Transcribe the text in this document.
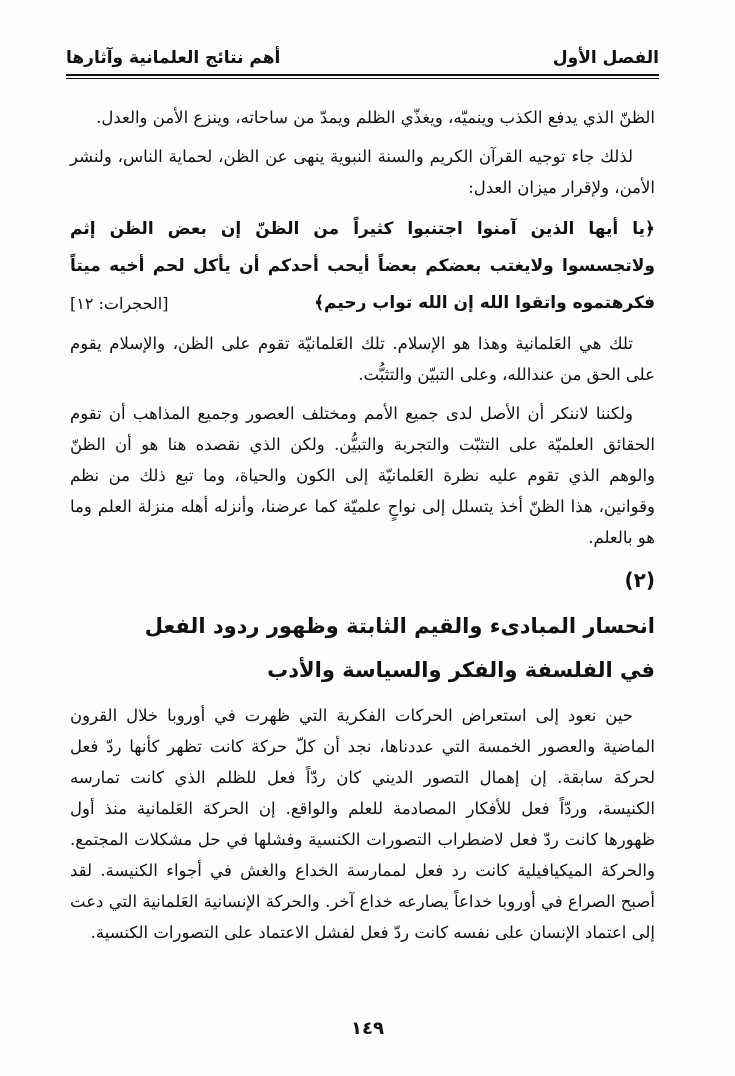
الفصل الأول
أهم نتائج العلمانية وآثارها

الظنّ الذي يدفع الكذب وينميّه، ويغذّي الظلم ويمدّ من ساحاته، وينزع الأمن والعدل.

لذلك جاء توجيه القرآن الكريم والسنة النبوية ينهى عن الظن، لحماية الناس، ولنشر الأمن، ولإقرار ميزان العدل:

﴿يا أيها الذين آمنوا اجتنبوا كثيراً من الظنّ إن بعض الظن إثم ولاتجسسوا ولايغتب بعضكم بعضاً أيحب أحدكم أن يأكل لحم أخيه ميتاً
فكرهتموه واتقوا الله إن الله تواب رحيم﴾
[الحجرات: ١٢]

تلك هي العَلمانية وهذا هو الإسلام. تلك العَلمانيّة تقوم على الظن، والإسلام يقوم على الحق من عندالله، وعلى التبيّن والتثبُّت.

ولكننا لاننكر أن الأصل لدى جميع الأمم ومختلف العصور وجميع المذاهب أن تقوم الحقائق العلميّة على التثبّت والتجربة والتبيُّن. ولكن الذي نقصده هنا هو أن الظنّ والوهم الذي تقوم عليه نظرة العَلمانيّة إلى الكون والحياة، وما تبع ذلك من نظم وقوانين، هذا الظنّ أخذ يتسلل إلى نواحٍ علميّة كما عرضنا، وأنزله أهله منزلة العلم وما هو بالعلم.

(٢)
انحسار المبادىء والقيم الثابتة وظهور ردود الفعل
في الفلسفة والفكر والسياسة والأدب

حين نعود إلى استعراض الحركات الفكرية التي ظهرت في أوروبا خلال القرون الماضية والعصور الخمسة التي عددناها، نجد أن كلّ حركة كانت تظهر كأنها ردّ فعل لحركة سابقة. إن إهمال التصور الديني كان ردّاً فعل للظلم الذي كانت تمارسه الكنيسة، وردّاً فعل للأفكار المصادمة للعلم والواقع. إن الحركة العَلمانية منذ أول ظهورها كانت ردّ فعل لاضطراب التصورات الكنسية وفشلها في حل مشكلات المجتمع. والحركة الميكيافيلية كانت رد فعل لممارسة الخداع والغش في أجواء الكنيسة. لقد أصبح الصراع في أوروبا خداعاً يصارعه خداع آخر. والحركة الإنسانية العَلمانية التي دعت إلى اعتماد الإنسان على نفسه كانت ردّ فعل لفشل الاعتماد على التصورات الكنسية.

١٤٩
